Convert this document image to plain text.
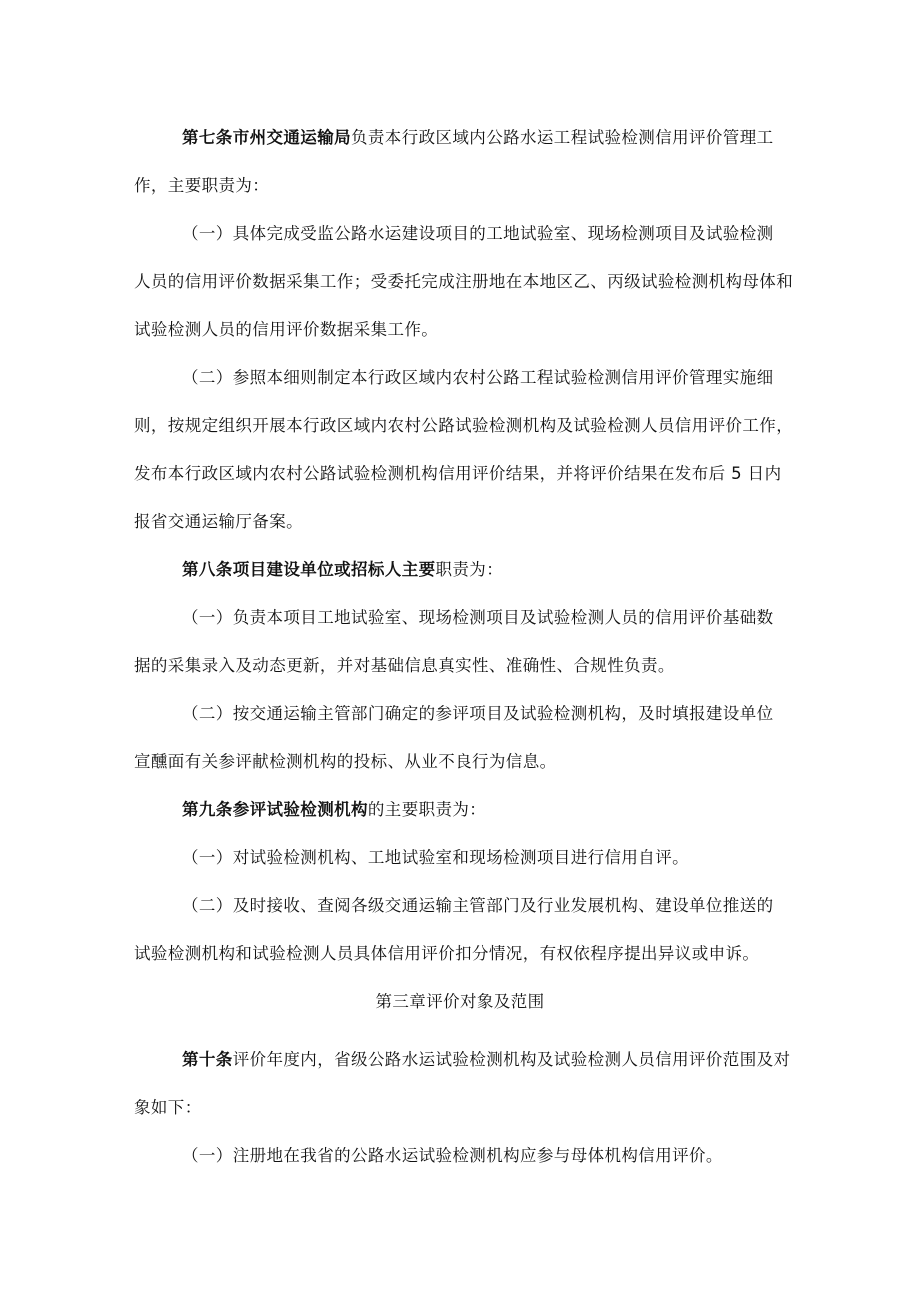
第七条市州交通运输局负责本行政区域内公路水运工程试验检测信用评价管理工
作，主要职责为：
（一）具体完成受监公路水运建设项目的工地试验室、现场检测项目及试验检测
人员的信用评价数据采集工作；受委托完成注册地在本地区乙、丙级试验检测机构母体和
试验检测人员的信用评价数据采集工作。
（二）参照本细则制定本行政区域内农村公路工程试验检测信用评价管理实施细
则，按规定组织开展本行政区域内农村公路试验检测机构及试验检测人员信用评价工作，
发布本行政区域内农村公路试验检测机构信用评价结果，并将评价结果在发布后 5 日内
报省交通运输厅备案。
第八条项目建设单位或招标人主要职责为：
（一）负责本项目工地试验室、现场检测项目及试验检测人员的信用评价基础数
据的采集录入及动态更新，并对基础信息真实性、准确性、合规性负责。
（二）按交通运输主管部门确定的参评项目及试验检测机构，及时填报建设单位
宣醺面有关参评献检测机构的投标、从业不良行为信息。
第九条参评试验检测机构的主要职责为：
（一）对试验检测机构、工地试验室和现场检测项目进行信用自评。
（二）及时接收、查阅各级交通运输主管部门及行业发展机构、建设单位推送的
试验检测机构和试验检测人员具体信用评价扣分情况，有权依程序提出异议或申诉。
第三章评价对象及范围
第十条评价年度内，省级公路水运试验检测机构及试验检测人员信用评价范围及对
象如下：
（一）注册地在我省的公路水运试验检测机构应参与母体机构信用评价。
